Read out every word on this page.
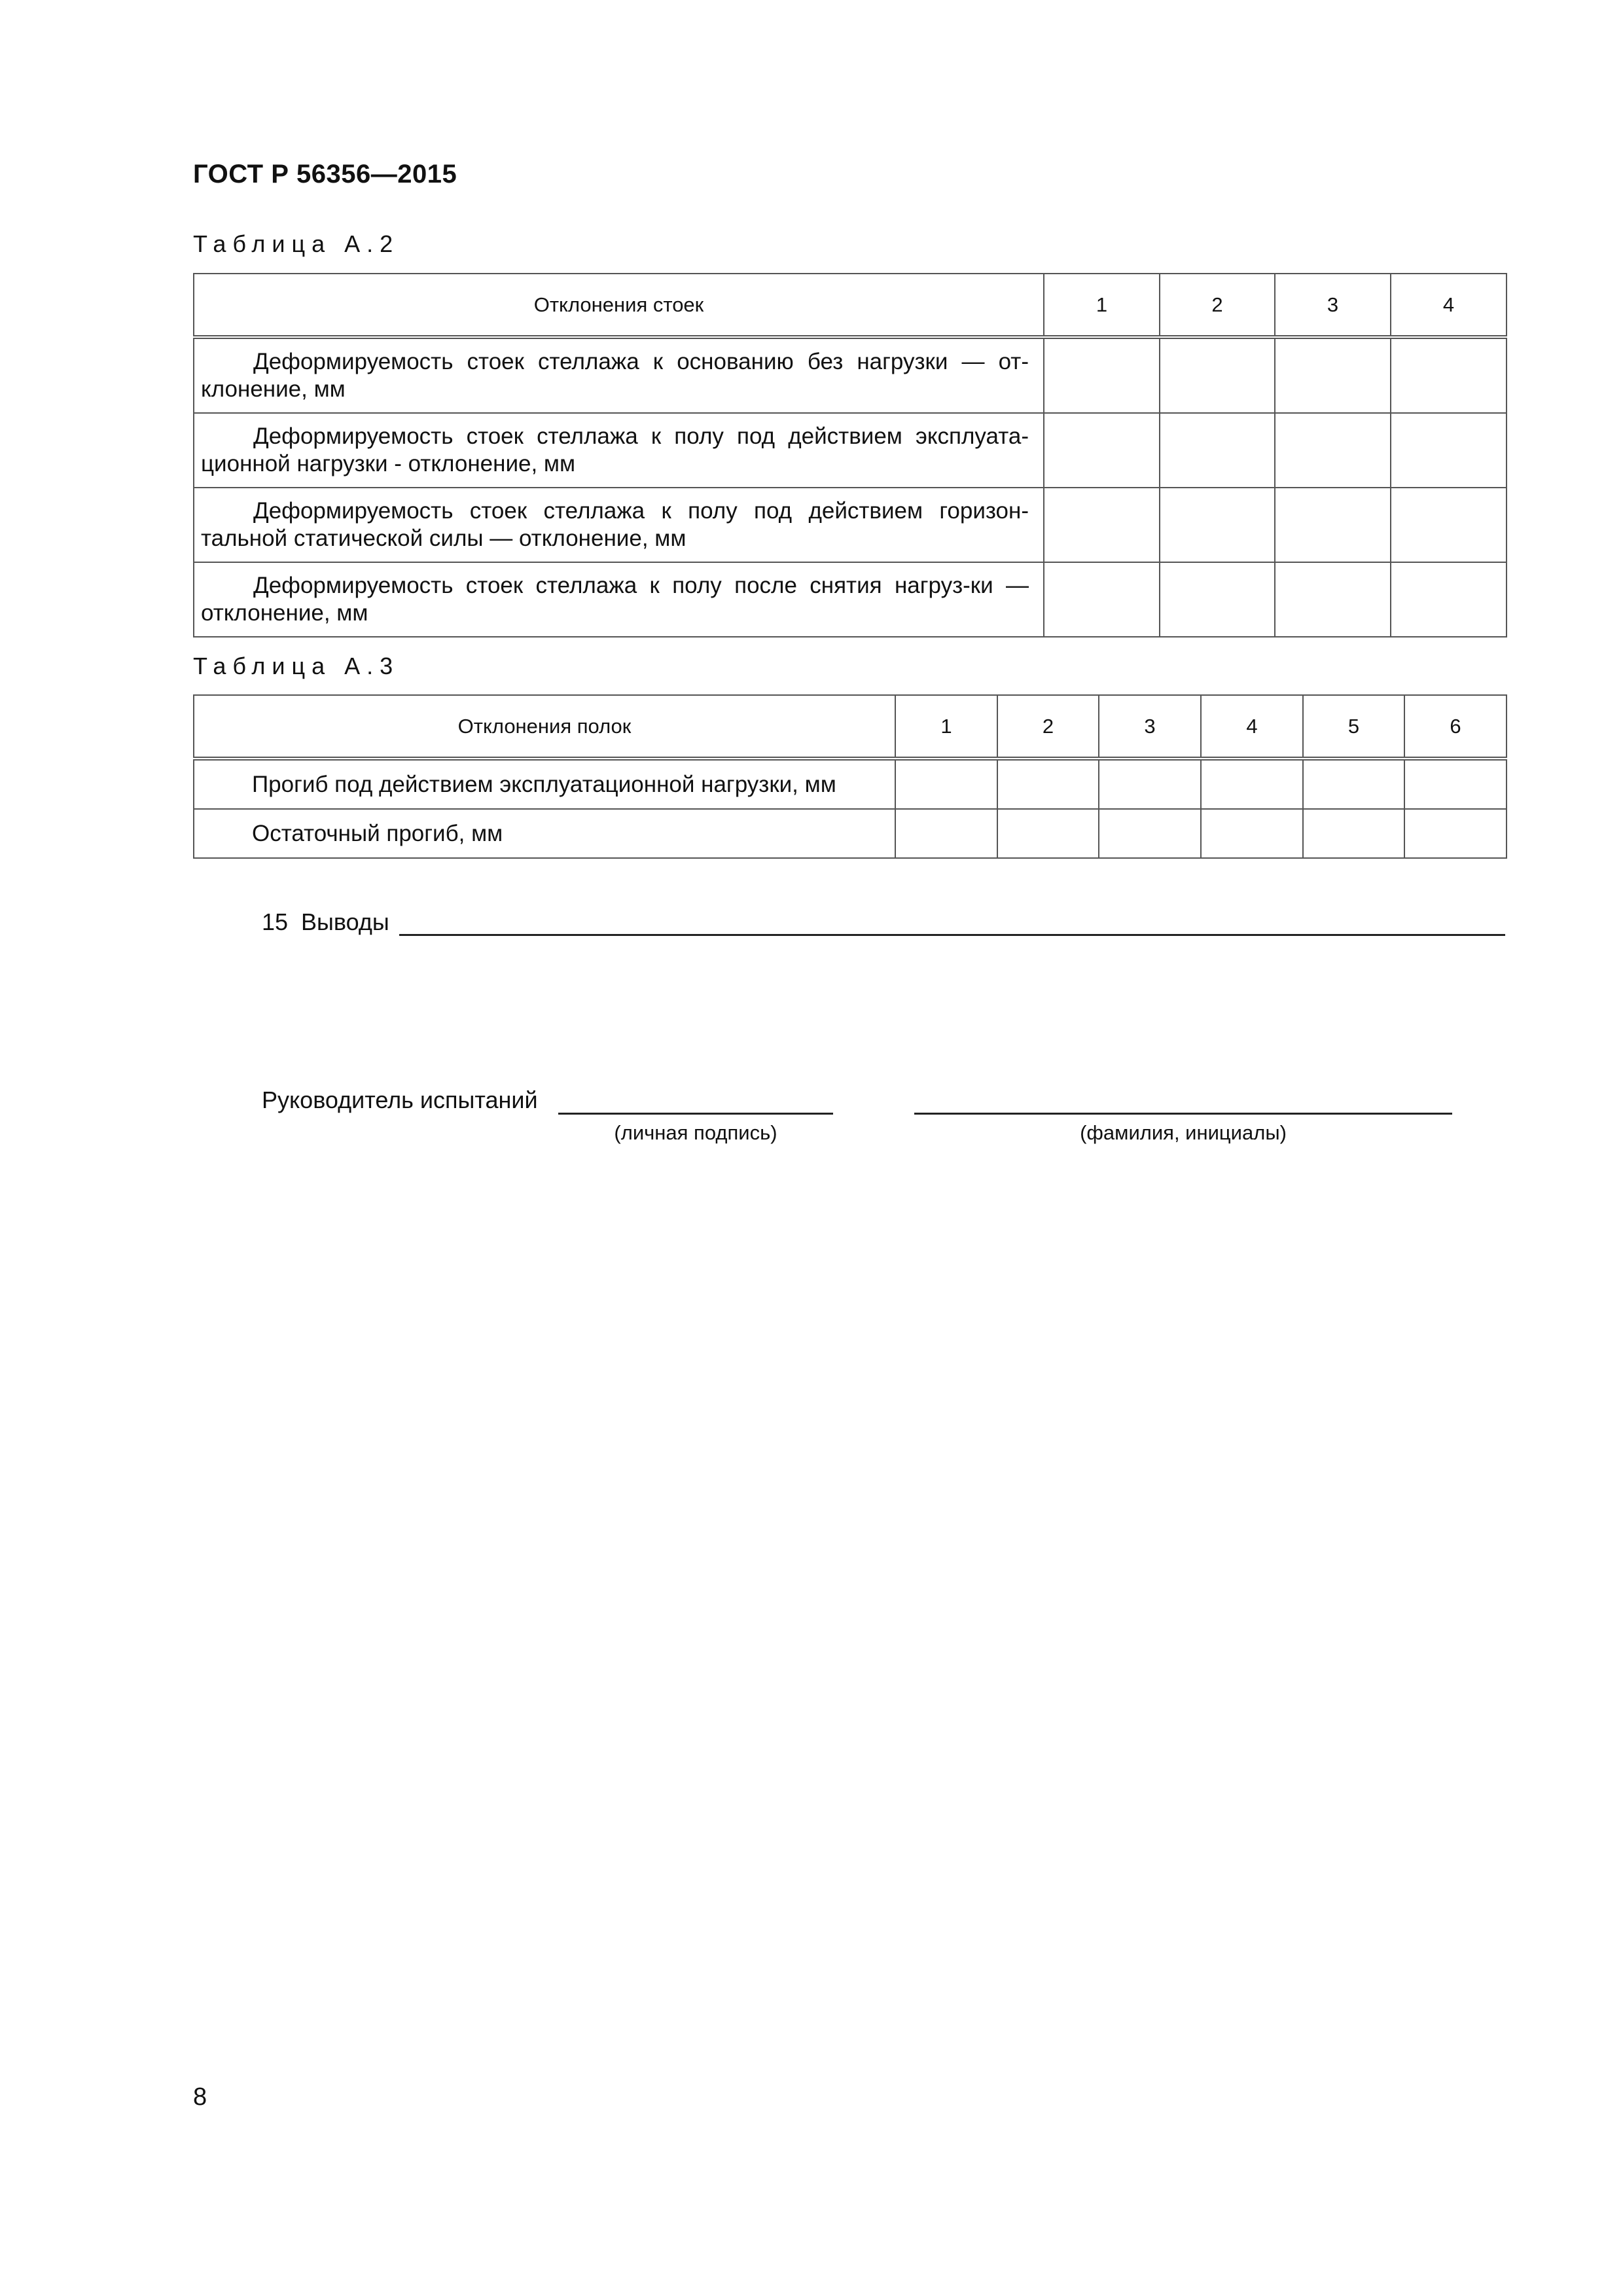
ГОСТ Р 56356—2015
Таблица А.2
Отклонения стоек	1	2	3	4
Деформируемость стоек стеллажа к основанию без нагрузки — от-клонение, мм				
Деформируемость стоек стеллажа к полу под действием эксплуата-ционной нагрузки - отклонение, мм				
Деформируемость стоек стеллажа к полу под действием горизон-тальной статической силы — отклонение, мм				
Деформируемость стоек стеллажа к полу после снятия нагруз-ки — отклонение, мм				
Таблица А.3
Отклонения полок	1	2	3	4	5	6
Прогиб под действием эксплуатационной нагрузки, мм						
Остаточный прогиб, мм						
15  Выводы
Руководитель испытаний
(личная подпись)	(фамилия, инициалы)
8
